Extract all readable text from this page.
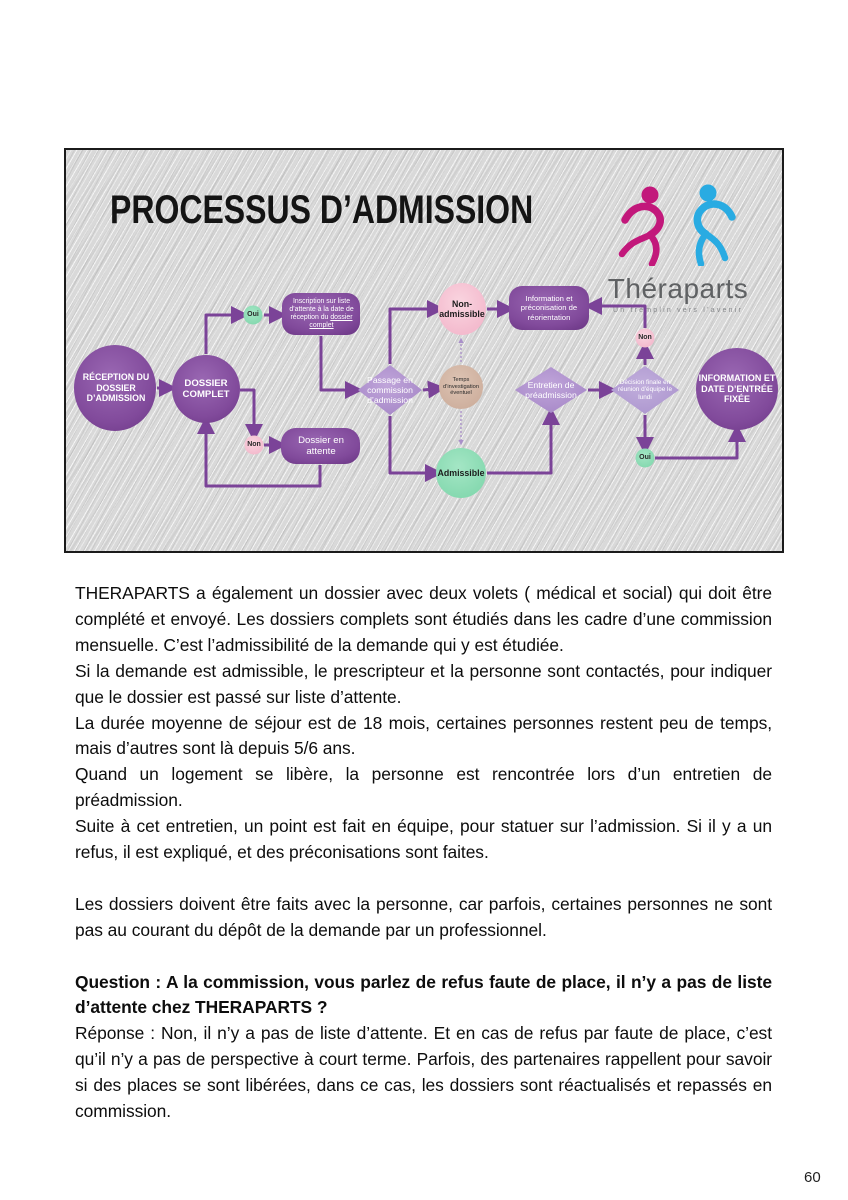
PROCESSUS D’ADMISSION
Théraparts
Un tremplin vers l’avenir
RÉCEPTION DU DOSSIER D’ADMISSION
DOSSIER COMPLET
Oui
Inscription sur liste d’attente à la date de réception du dossier complet
Non	Dossier en attente
Passage en commission d’admission
Non-admissible
Temps d’investigation éventuel
Admissible
Information et préconisation de réorientation
Entretien de préadmission
Décision finale en réunion d’équipe le lundi
Non
Oui
INFORMATION ET DATE D’ENTRÉE FIXÉE

THERAPARTS a également un dossier avec deux volets ( médical et social) qui doit être complété et envoyé. Les dossiers complets sont étudiés dans les cadre d’une commission mensuelle. C’est l’admissibilité de la demande qui y est étudiée.

Si la demande est admissible, le prescripteur et la personne sont contactés, pour indiquer que le dossier est passé sur liste d’attente.

La durée moyenne de séjour est de 18 mois, certaines personnes restent peu de temps, mais d’autres sont là depuis 5/6 ans.

Quand un logement se libère, la personne est rencontrée lors d’un entretien de préadmission.

Suite à cet entretien, un point est fait en équipe, pour statuer sur l’admission. Si il y a un refus, il est expliqué, et des préconisations sont faites.

Les dossiers doivent être faits avec la personne, car parfois, certaines personnes ne sont pas au courant du dépôt de la demande par un professionnel.

Question : A la commission, vous parlez de refus faute de place, il n’y a pas de liste d’attente chez THERAPARTS ?

Réponse : Non, il n’y a pas de liste d’attente. Et en cas de refus par faute de place, c’est qu’il n’y a pas de perspective à court terme. Parfois, des partenaires rappellent pour savoir si des places se sont libérées, dans ce cas, les dossiers sont réactualisés et repassés en commission.

60
